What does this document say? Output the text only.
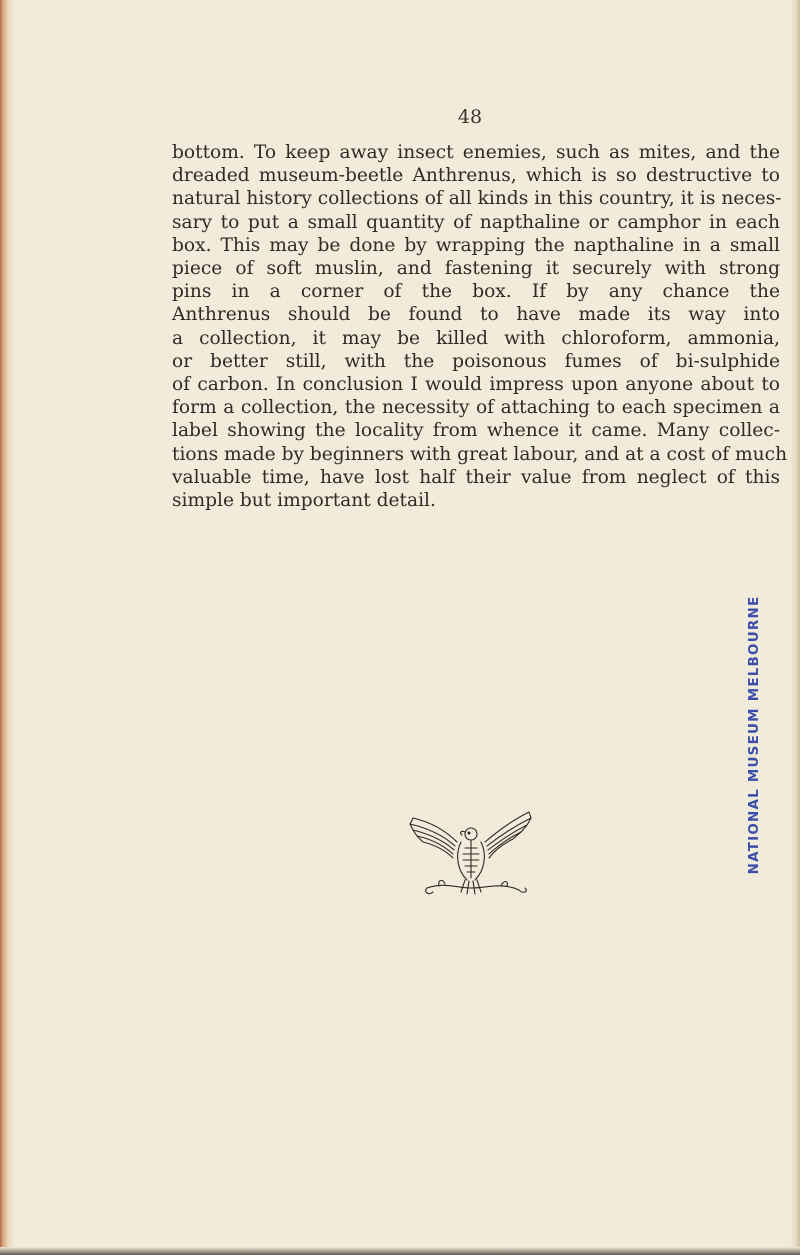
48

bottom. To keep away insect enemies, such as mites, and the
dreaded museum-beetle Anthrenus, which is so destructive to
natural history collections of all kinds in this country, it is neces-
sary to put a small quantity of napthaline or camphor in each
box. This may be done by wrapping the napthaline in a small
piece of soft muslin, and fastening it securely with strong
pins in a corner of the box. If by any chance the
Anthrenus should be found to have made its way into
a collection, it may be killed with chloroform, ammonia,
or better still, with the poisonous fumes of bi-sulphide
of carbon. In conclusion I would impress upon anyone about to
form a collection, the necessity of attaching to each specimen a
label showing the locality from whence it came. Many collec-
tions made by beginners with great labour, and at a cost of much
valuable time, have lost half their value from neglect of this
simple but important detail.

NATIONAL MUSEUM MELBOURNE
